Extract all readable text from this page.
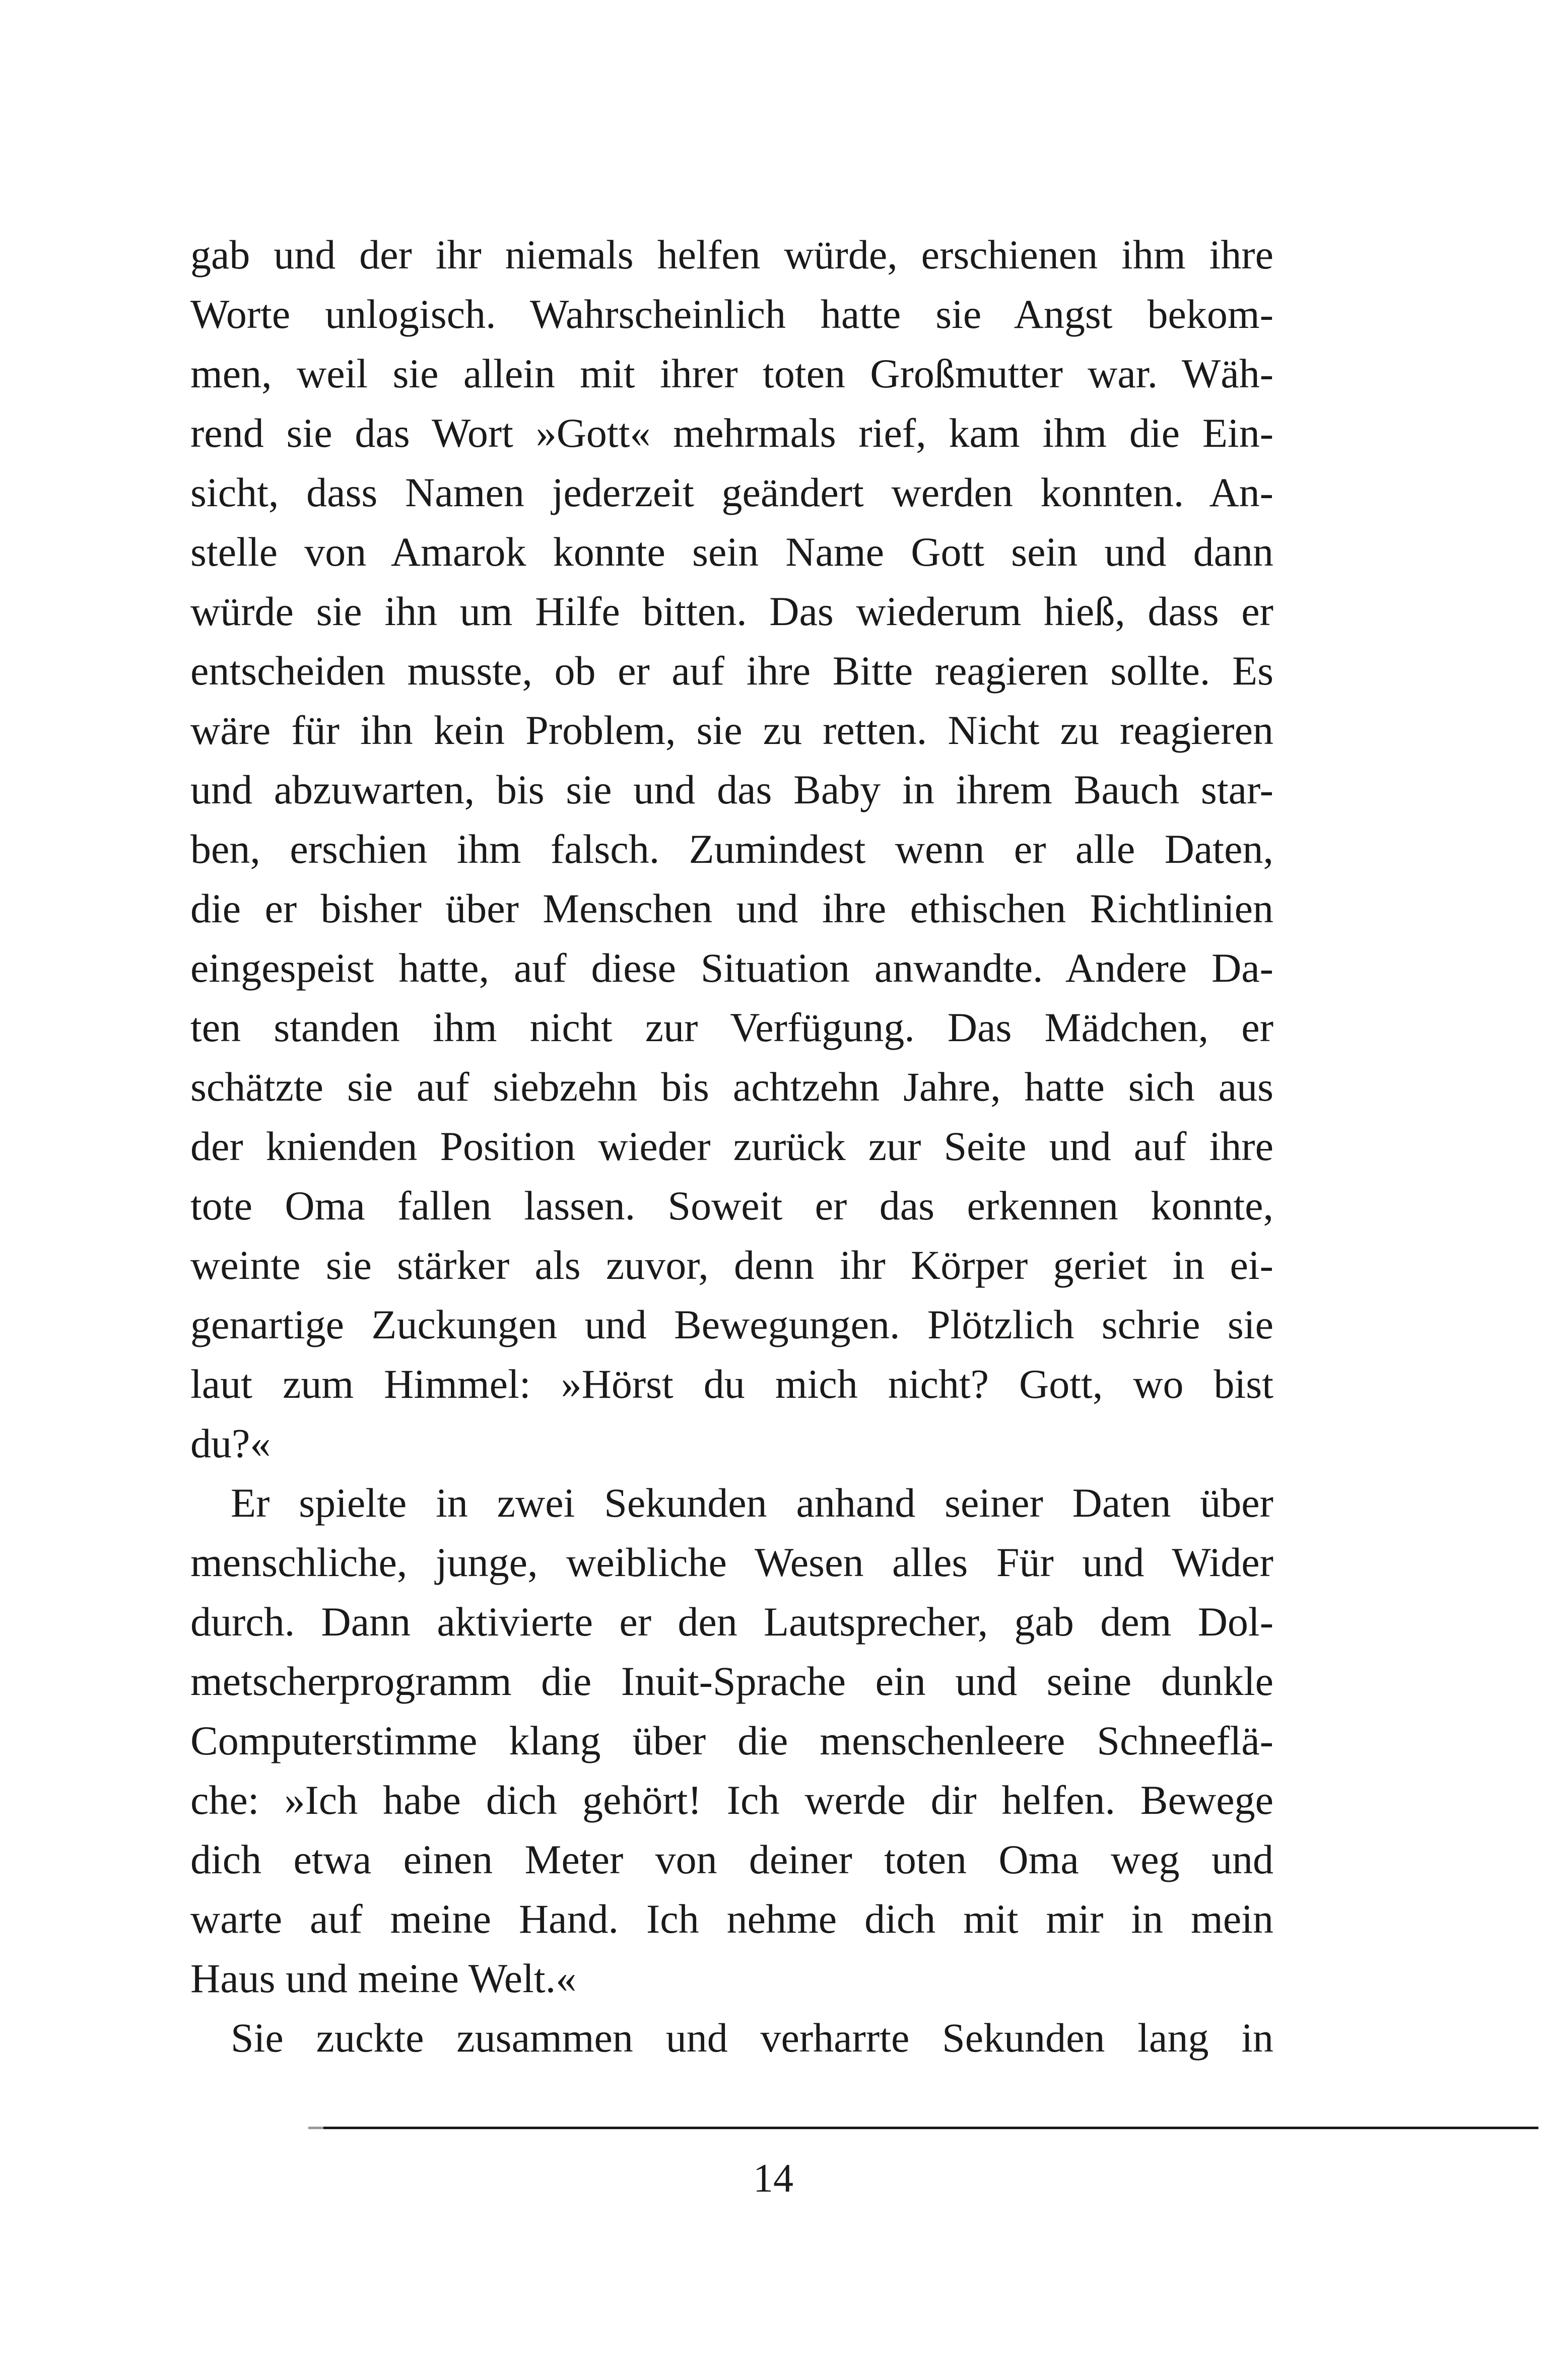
gab und der ihr niemals helfen würde, erschienen ihm ihre
Worte unlogisch. Wahrscheinlich hatte sie Angst bekom-
men, weil sie allein mit ihrer toten Großmutter war. Wäh-
rend sie das Wort »Gott« mehrmals rief, kam ihm die Ein-
sicht, dass Namen jederzeit geändert werden konnten. An-
stelle von Amarok konnte sein Name Gott sein und dann
würde sie ihn um Hilfe bitten. Das wiederum hieß, dass er
entscheiden musste, ob er auf ihre Bitte reagieren sollte. Es
wäre für ihn kein Problem, sie zu retten. Nicht zu reagieren
und abzuwarten, bis sie und das Baby in ihrem Bauch star-
ben, erschien ihm falsch. Zumindest wenn er alle Daten,
die er bisher über Menschen und ihre ethischen Richtlinien
eingespeist hatte, auf diese Situation anwandte. Andere Da-
ten standen ihm nicht zur Verfügung. Das Mädchen, er
schätzte sie auf siebzehn bis achtzehn Jahre, hatte sich aus
der knienden Position wieder zurück zur Seite und auf ihre
tote Oma fallen lassen. Soweit er das erkennen konnte,
weinte sie stärker als zuvor, denn ihr Körper geriet in ei-
genartige Zuckungen und Bewegungen. Plötzlich schrie sie
laut zum Himmel: »Hörst du mich nicht? Gott, wo bist
du?«
Er spielte in zwei Sekunden anhand seiner Daten über
menschliche, junge, weibliche Wesen alles Für und Wider
durch. Dann aktivierte er den Lautsprecher, gab dem Dol-
metscherprogramm die Inuit-Sprache ein und seine dunkle
Computerstimme klang über die menschenleere Schneeflä-
che: »Ich habe dich gehört! Ich werde dir helfen. Bewege
dich etwa einen Meter von deiner toten Oma weg und
warte auf meine Hand. Ich nehme dich mit mir in mein
Haus und meine Welt.«
Sie zuckte zusammen und verharrte Sekunden lang in
14
